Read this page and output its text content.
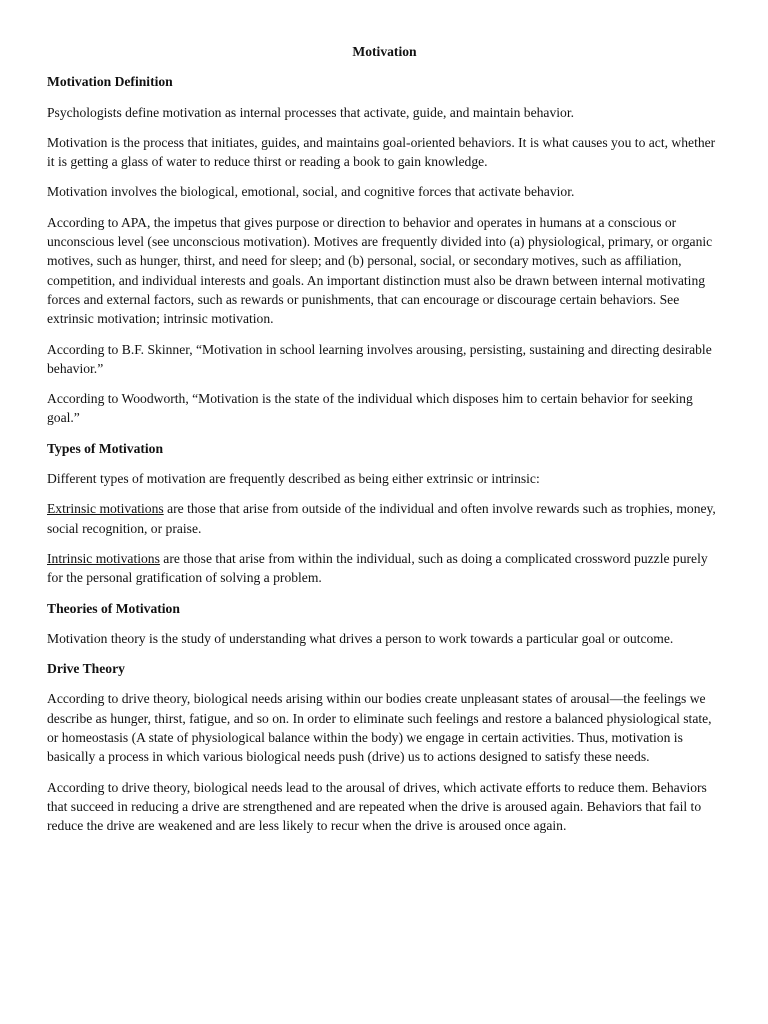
Motivation
Motivation Definition
Psychologists define motivation as internal processes that activate, guide, and maintain behavior.
Motivation is the process that initiates, guides, and maintains goal-oriented behaviors. It is what causes you to act, whether it is getting a glass of water to reduce thirst or reading a book to gain knowledge.
Motivation involves the biological, emotional, social, and cognitive forces that activate behavior.
According to APA, the impetus that gives purpose or direction to behavior and operates in humans at a conscious or unconscious level (see unconscious motivation). Motives are frequently divided into (a) physiological, primary, or organic motives, such as hunger, thirst, and need for sleep; and (b) personal, social, or secondary motives, such as affiliation, competition, and individual interests and goals. An important distinction must also be drawn between internal motivating forces and external factors, such as rewards or punishments, that can encourage or discourage certain behaviors. See extrinsic motivation; intrinsic motivation.
According to B.F. Skinner, “Motivation in school learning involves arousing, persisting, sustaining and directing desirable behavior.”
According to Woodworth, “Motivation is the state of the individual which disposes him to certain behavior for seeking goal.”
Types of Motivation
Different types of motivation are frequently described as being either extrinsic or intrinsic:
Extrinsic motivations are those that arise from outside of the individual and often involve rewards such as trophies, money, social recognition, or praise.
Intrinsic motivations are those that arise from within the individual, such as doing a complicated crossword puzzle purely for the personal gratification of solving a problem.
Theories of Motivation
Motivation theory is the study of understanding what drives a person to work towards a particular goal or outcome.
Drive Theory
According to drive theory, biological needs arising within our bodies create unpleasant states of arousal—the feelings we describe as hunger, thirst, fatigue, and so on. In order to eliminate such feelings and restore a balanced physiological state, or homeostasis (A state of physiological balance within the body) we engage in certain activities. Thus, motivation is basically a process in which various biological needs push (drive) us to actions designed to satisfy these needs.
According to drive theory, biological needs lead to the arousal of drives, which activate efforts to reduce them. Behaviors that succeed in reducing a drive are strengthened and are repeated when the drive is aroused again. Behaviors that fail to reduce the drive are weakened and are less likely to recur when the drive is aroused once again.
